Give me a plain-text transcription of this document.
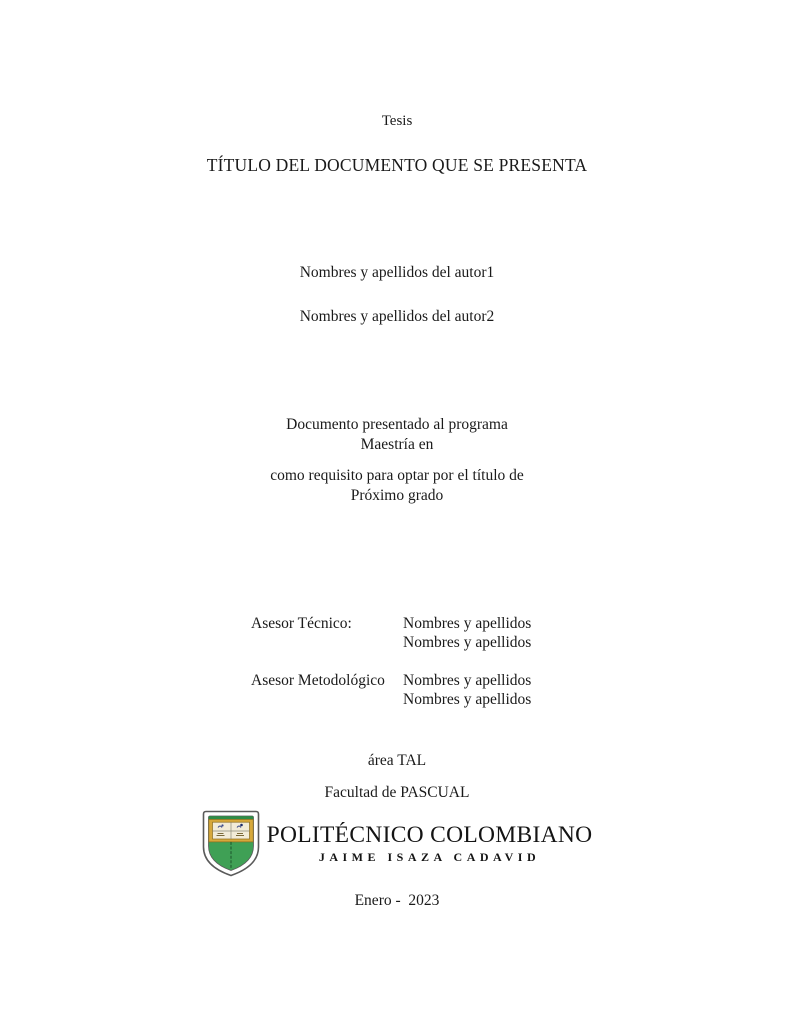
Tesis
TÍTULO DEL DOCUMENTO QUE SE PRESENTA
Nombres y apellidos del autor1
Nombres y apellidos del autor2
Documento presentado al programa
Maestría en
como requisito para optar por el título de
Próximo grado
Asesor Técnico:	Nombres y apellidos
Nombres y apellidos
Asesor Metodológico	Nombres y apellidos
Nombres y apellidos
área TAL
Facultad de PASCUAL
POLITÉCNICO COLOMBIANO
JAIME ISAZA CADAVID
Enero -  2023
